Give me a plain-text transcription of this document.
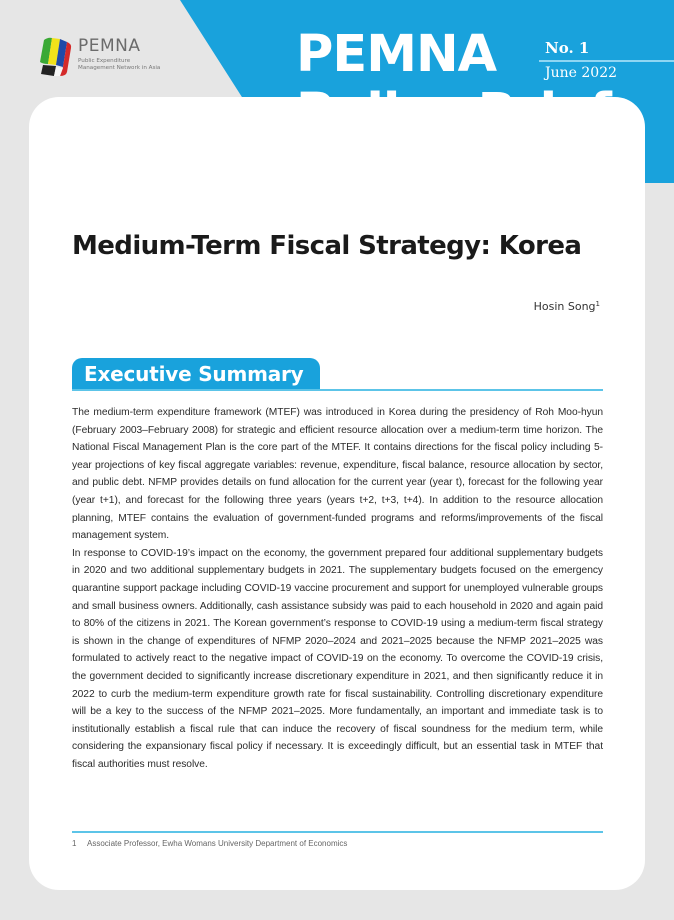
PEMNA
Public Expenditure
Management Network in Asia	PEMNA	No. 1
June 2022
Medium-Term Fiscal Strategy: Korea
Hosin Song$^1$
Executive Summary

The medium-term expenditure framework (MTEF) was introduced in Korea during the presidency of Roh Moo-hyun (February 2003–February 2008) for strategic and efficient resource allocation over a medium-term time horizon. The National Fiscal Management Plan is the core part of the MTEF. It contains directions for the fiscal policy including 5-year projections of key fiscal aggregate variables: revenue, expenditure, fiscal balance, resource allocation by sector, and public debt. NFMP provides details on fund allocation for the current year (year t), forecast for the following year (year t+1), and forecast for the following three years (years t+2, t+3, t+4). In addition to the resource allocation planning, MTEF contains the evaluation of government-funded programs and reforms/improvements of the fiscal management system.

In response to COVID-19’s impact on the economy, the government prepared four additional supplementary budgets in 2020 and two additional supplementary budgets in 2021. The supplementary budgets focused on the emergency quarantine support package including COVID-19 vaccine procurement and support for unemployed vulnerable groups and small business owners. Additionally, cash assistance subsidy was paid to each household in 2020 and again paid to 80% of the citizens in 2021. The Korean government’s response to COVID-19 using a medium-term fiscal strategy is shown in the change of expenditures of NFMP 2020–2024 and 2021–2025 because the NFMP 2021–2025 was formulated to actively react to the negative impact of COVID-19 on the economy. To overcome the COVID-19 crisis, the government decided to significantly increase discretionary expenditure in 2021, and then significantly reduce it in 2022 to curb the medium-term expenditure growth rate for fiscal sustainability. Controlling discretionary expenditure will be a key to the success of the NFMP 2021–2025. More fundamentally, an important and immediate task is to institutionally establish a fiscal rule that can induce the recovery of fiscal soundness for the medium term, while considering the expansionary fiscal policy if necessary. It is exceedingly difficult, but an essential task in MTEF that fiscal authorities must resolve.

1 Associate Professor, Ewha Womans University Department of Economics
